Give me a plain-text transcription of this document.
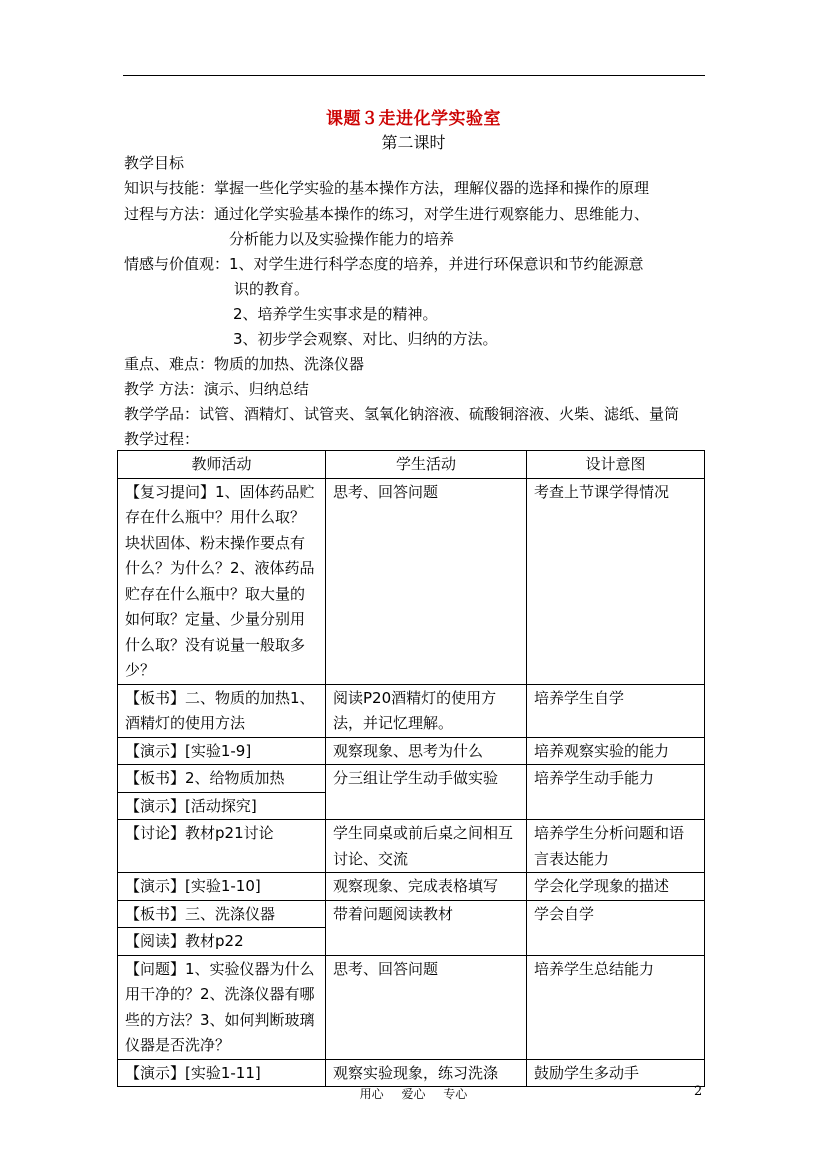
课题３走进化学实验室
第二课时
教学目标
知识与技能：掌握一些化学实验的基本操作方法，理解仪器的选择和操作的原理
过程与方法：通过化学实验基本操作的练习，对学生进行观察能力、思维能力、
分析能力以及实验操作能力的培养
情感与价值观：1、对学生进行科学态度的培养，并进行环保意识和节约能源意
识的教育。
2、培养学生实事求是的精神。
3、初步学会观察、对比、归纳的方法。
重点、难点：物质的加热、洗涤仪器
教学 方法：演示、归纳总结
教学学品：试管、酒精灯、试管夹、氢氧化钠溶液、硫酸铜溶液、火柴、滤纸、量筒
教学过程：
教师活动	学生活动	设计意图
【复习提问】1、固体药品贮存在什么瓶中？用什么取？块状固体、粉末操作要点有什么？为什么？2、液体药品贮存在什么瓶中？取大量的如何取？定量、少量分别用什么取？没有说量一般取多少？	思考、回答问题	考查上节课学得情况
【板书】二、物质的加热1、酒精灯的使用方法	阅读P20酒精灯的使用方法，并记忆理解。	培养学生自学
【演示】[实验1-9]	观察现象、思考为什么	培养观察实验的能力
【板书】2、给物质加热	分三组让学生动手做实验	培养学生动手能力
【演示】[活动探究]		
【讨论】教材p21讨论	学生同桌或前后桌之间相互讨论、交流	培养学生分析问题和语言表达能力
【演示】[实验1-10]	观察现象、完成表格填写	学会化学现象的描述
【板书】三、洗涤仪器	带着问题阅读教材	学会自学
【阅读】教材p22		
【问题】1、实验仪器为什么用干净的？2、洗涤仪器有哪些的方法？3、如何判断玻璃仪器是否洗净？	思考、回答问题	培养学生总结能力
【演示】[实验1-11]	观察实验现象，练习洗涤	鼓励学生多动手
用心 爱心 专心	2
